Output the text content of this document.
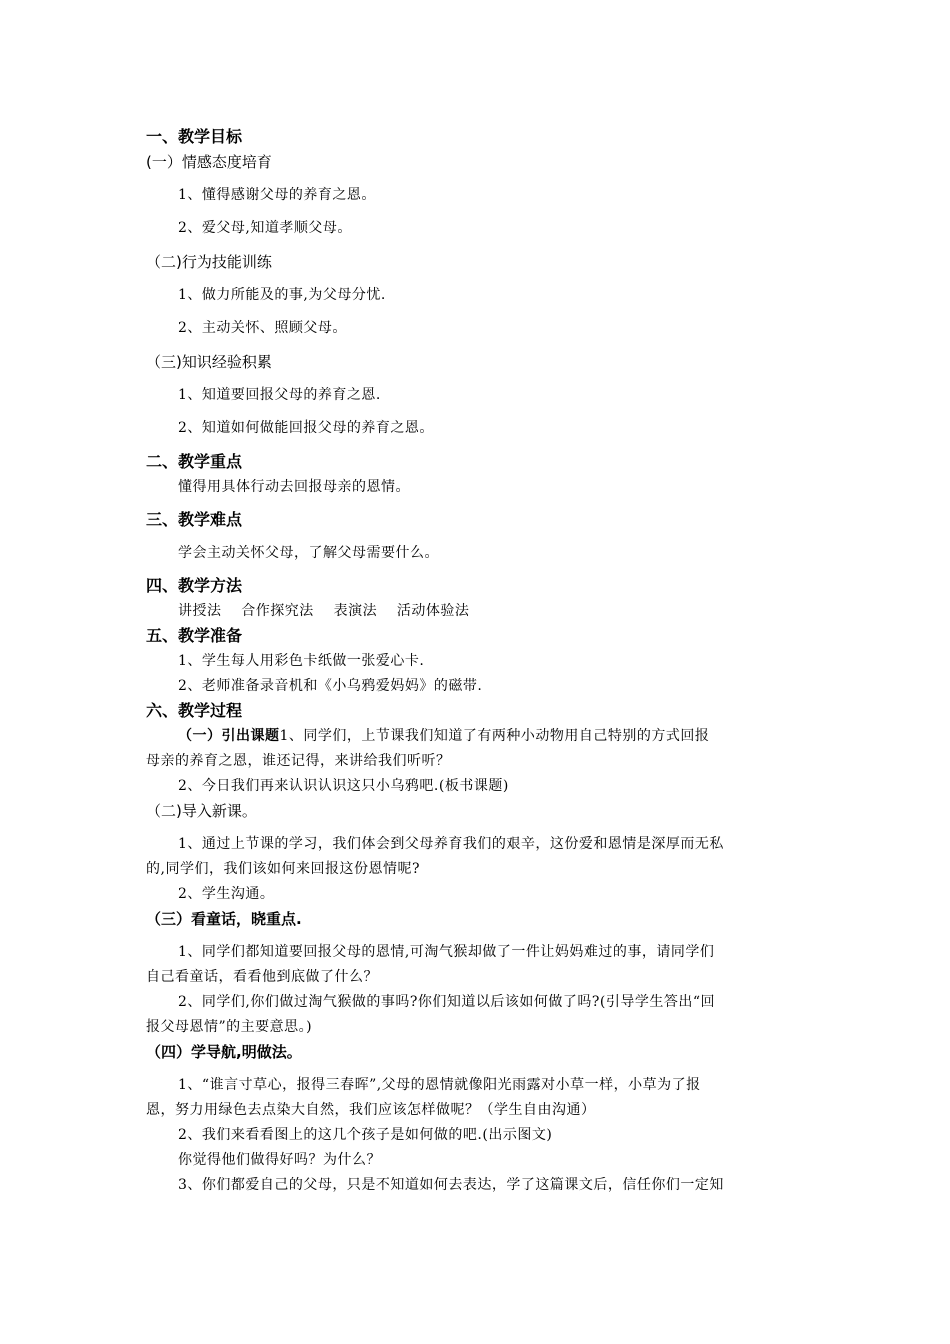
一、教学目标
(一）情感态度培育
1、懂得感谢父母的养育之恩。
2、爱父母,知道孝顺父母。
（二)行为技能训练
1、做力所能及的事,为父母分忧.
2、主动关怀、照顾父母。
（三)知识经验积累
1、知道要回报父母的养育之恩.
2、知道如何做能回报父母的养育之恩。
二、教学重点
懂得用具体行动去回报母亲的恩情。
三、教学难点
学会主动关怀父母，了解父母需要什么。
四、教学方法
讲授法    合作探究法    表演法    活动体验法
五、教学准备
1、学生每人用彩色卡纸做一张爱心卡.
2、老师准备录音机和《小乌鸦爱妈妈》的磁带.
六、教学过程
（一）引出课题1、同学们，上节课我们知道了有两种小动物用自己特别的方式回报
母亲的养育之恩，谁还记得，来讲给我们听听？
2、今日我们再来认识认识这只小乌鸦吧.(板书课题)
（二)导入新课。
1、通过上节课的学习，我们体会到父母养育我们的艰辛，这份爱和恩情是深厚而无私
的,同学们，我们该如何来回报这份恩情呢?
2、学生沟通。
（三）看童话，晓重点.
1、同学们都知道要回报父母的恩情,可淘气猴却做了一件让妈妈难过的事，请同学们
自己看童话，看看他到底做了什么？
2、同学们,你们做过淘气猴做的事吗?你们知道以后该如何做了吗?(引导学生答出“回
报父母恩情”的主要意思。)
（四）学导航,明做法。
1、“谁言寸草心，报得三春晖”,父母的恩情就像阳光雨露对小草一样，小草为了报
恩，努力用绿色去点染大自然，我们应该怎样做呢？（学生自由沟通）
2、我们来看看图上的这几个孩子是如何做的吧.(出示图文)
你觉得他们做得好吗？为什么？
3、你们都爱自己的父母，只是不知道如何去表达，学了这篇课文后，信任你们一定知
